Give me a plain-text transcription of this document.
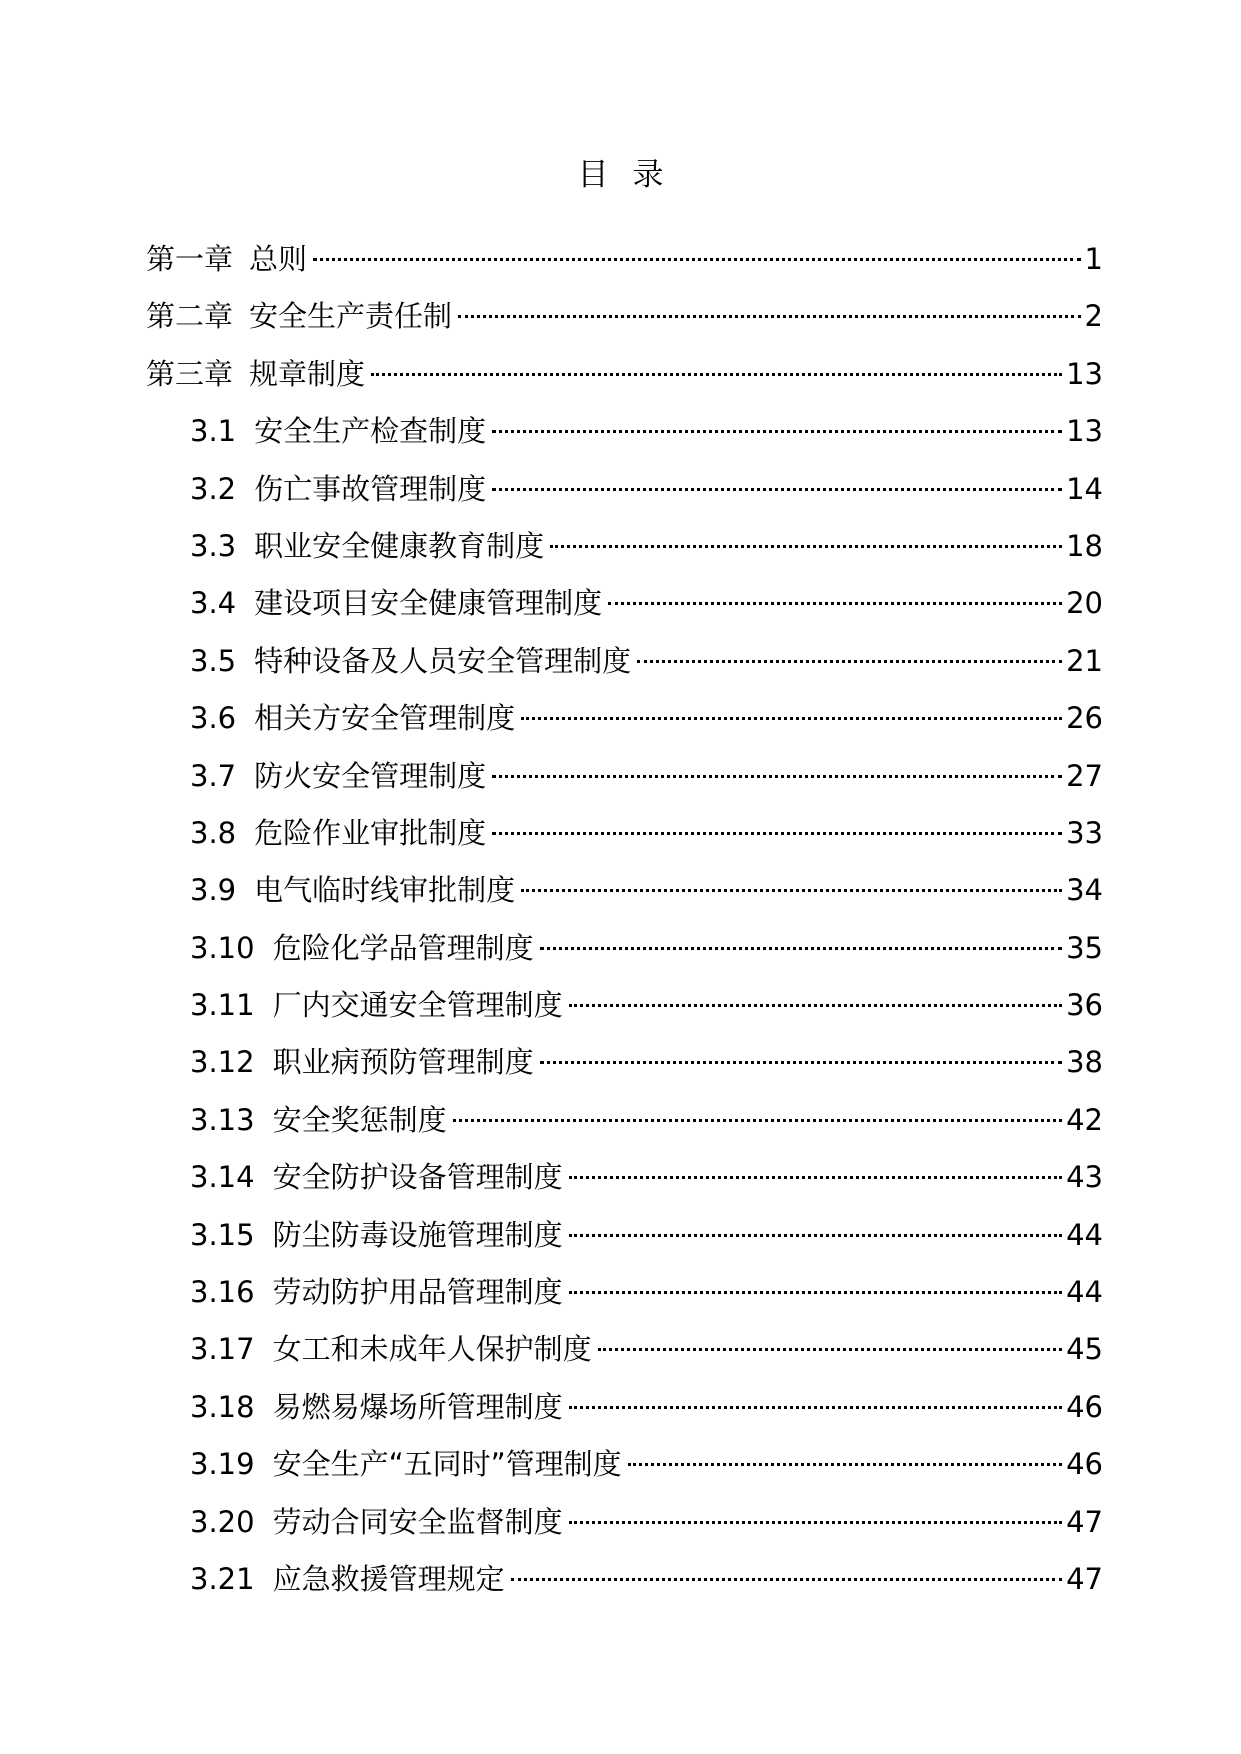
目录
第一章 总则	1
第二章 安全生产责任制	2
第三章 规章制度	13
3.1 安全生产检查制度	13
3.2 伤亡事故管理制度	14
3.3 职业安全健康教育制度	18
3.4 建设项目安全健康管理制度	20
3.5 特种设备及人员安全管理制度	21
3.6 相关方安全管理制度	26
3.7 防火安全管理制度	27
3.8 危险作业审批制度	33
3.9 电气临时线审批制度	34
3.10 危险化学品管理制度	35
3.11 厂内交通安全管理制度	36
3.12 职业病预防管理制度	38
3.13 安全奖惩制度	42
3.14 安全防护设备管理制度	43
3.15 防尘防毒设施管理制度	44
3.16 劳动防护用品管理制度	44
3.17 女工和未成年人保护制度	45
3.18 易燃易爆场所管理制度	46
3.19 安全生产“五同时”管理制度	46
3.20 劳动合同安全监督制度	47
3.21 应急救援管理规定	47
